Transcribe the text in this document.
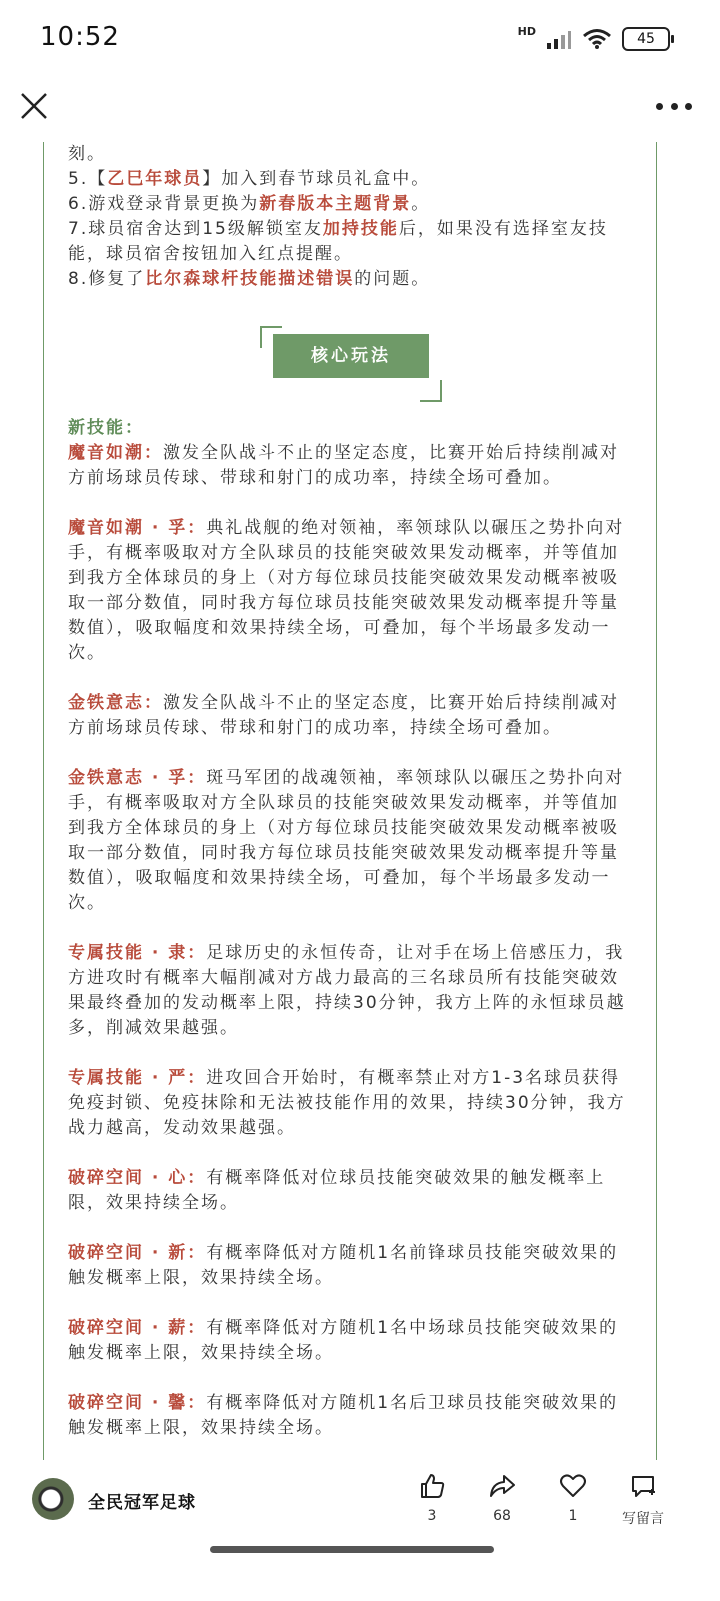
10:52	HD	45

刻。

5.【乙巳年球员】加入到春节球员礼盒中。

6.游戏登录背景更换为新春版本主题背景。

7.球员宿舍达到15级解锁室友加持技能后，如果没有选择室友技能，球员宿舍按钮加入红点提醒。

8.修复了比尔森球杆技能描述错误的问题。

核心玩法

新技能：

魔音如潮：激发全队战斗不止的坚定态度，比赛开始后持续削减对方前场球员传球、带球和射门的成功率，持续全场可叠加。

魔音如潮 · 孚：典礼战舰的绝对领袖，率领球队以碾压之势扑向对手，有概率吸取对方全队球员的技能突破效果发动概率，并等值加到我方全体球员的身上（对方每位球员技能突破效果发动概率被吸取一部分数值，同时我方每位球员技能突破效果发动概率提升等量数值），吸取幅度和效果持续全场，可叠加，每个半场最多发动一次。

金铁意志：激发全队战斗不止的坚定态度，比赛开始后持续削减对方前场球员传球、带球和射门的成功率，持续全场可叠加。

金铁意志 · 孚：斑马军团的战魂领袖，率领球队以碾压之势扑向对手，有概率吸取对方全队球员的技能突破效果发动概率，并等值加到我方全体球员的身上（对方每位球员技能突破效果发动概率被吸取一部分数值，同时我方每位球员技能突破效果发动概率提升等量数值），吸取幅度和效果持续全场，可叠加，每个半场最多发动一次。

专属技能 · 隶：足球历史的永恒传奇，让对手在场上倍感压力，我方进攻时有概率大幅削减对方战力最高的三名球员所有技能突破效果最终叠加的发动概率上限，持续30分钟，我方上阵的永恒球员越多，削减效果越强。

专属技能 · 严：进攻回合开始时，有概率禁止对方1-3名球员获得免疫封锁、免疫抹除和无法被技能作用的效果，持续30分钟，我方战力越高，发动效果越强。

破碎空间 · 心：有概率降低对位球员技能突破效果的触发概率上限，效果持续全场。

破碎空间 · 新：有概率降低对方随机1名前锋球员技能突破效果的触发概率上限，效果持续全场。

破碎空间 · 薪：有概率降低对方随机1名中场球员技能突破效果的触发概率上限，效果持续全场。

破碎空间 · 馨：有概率降低对方随机1名后卫球员技能突破效果的触发概率上限，效果持续全场。

全民冠军足球
3	68	1	写留言
